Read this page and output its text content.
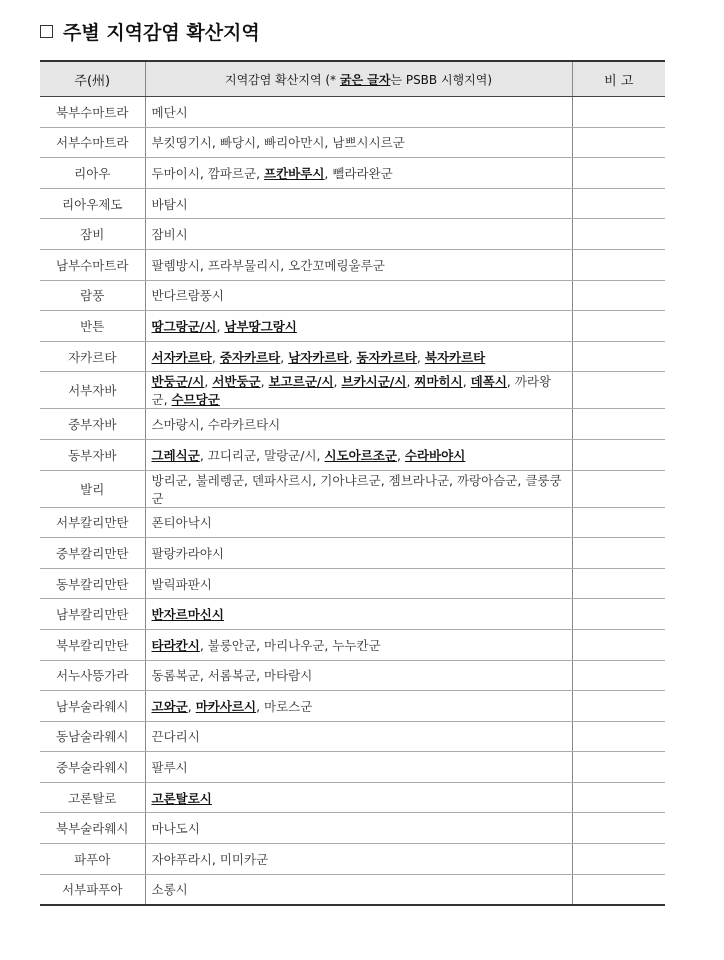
주별 지역감염 확산지역
주(州)	지역감염 확산지역 (* 굵은 글자는 PSBB 시행지역)	비 고
북부수마트라	메단시	
서부수마트라	부킷띵기시, 빠당시, 빠리아만시, 남쁘시시르군	
리아우	두마이시, 깜파르군, 프칸바루시, 뻴라라완군	
리아우제도	바탐시	
잠비	잠비시	
남부수마트라	팔렘방시, 프라부물리시, 오간꼬메링울루군	
람풍	반다르람풍시	
반튼	땅그랑군/시, 남부땅그랑시	
자카르타	서자카르타, 중자카르타, 남자카르타, 동자카르타, 북자카르타	
서부자바	반둥군/시, 서반둥군, 보고르군/시, 브카시군/시, 찌마히시, 데폭시, 까라왕군, 수므당군	
중부자바	스마랑시, 수라카르타시	
동부자바	그레식군, 끄디리군, 말랑군/시, 시도아르조군, 수라바야시	
발리	방리군, 불레렝군, 덴파사르시, 기아냐르군, 젬브라나군, 까랑아슴군, 클룽쿵군	
서부칼리만탄	폰티아낙시	
중부칼리만탄	팔랑카라야시	
동부칼리만탄	발릭파판시	
남부칼리만탄	반자르마신시	
북부칼리만탄	타라칸시, 불룽안군, 마리나우군, 누누칸군	
서누사뜽가라	동롬복군, 서롬복군, 마타람시	
남부술라웨시	고와군, 마카사르시, 마로스군	
동남술라웨시	끈다리시	
중부술라웨시	팔루시	
고론탈로	고론탈로시	
북부술라웨시	마나도시	
파푸아	자야푸라시, 미미카군	
서부파푸아	소롱시	
